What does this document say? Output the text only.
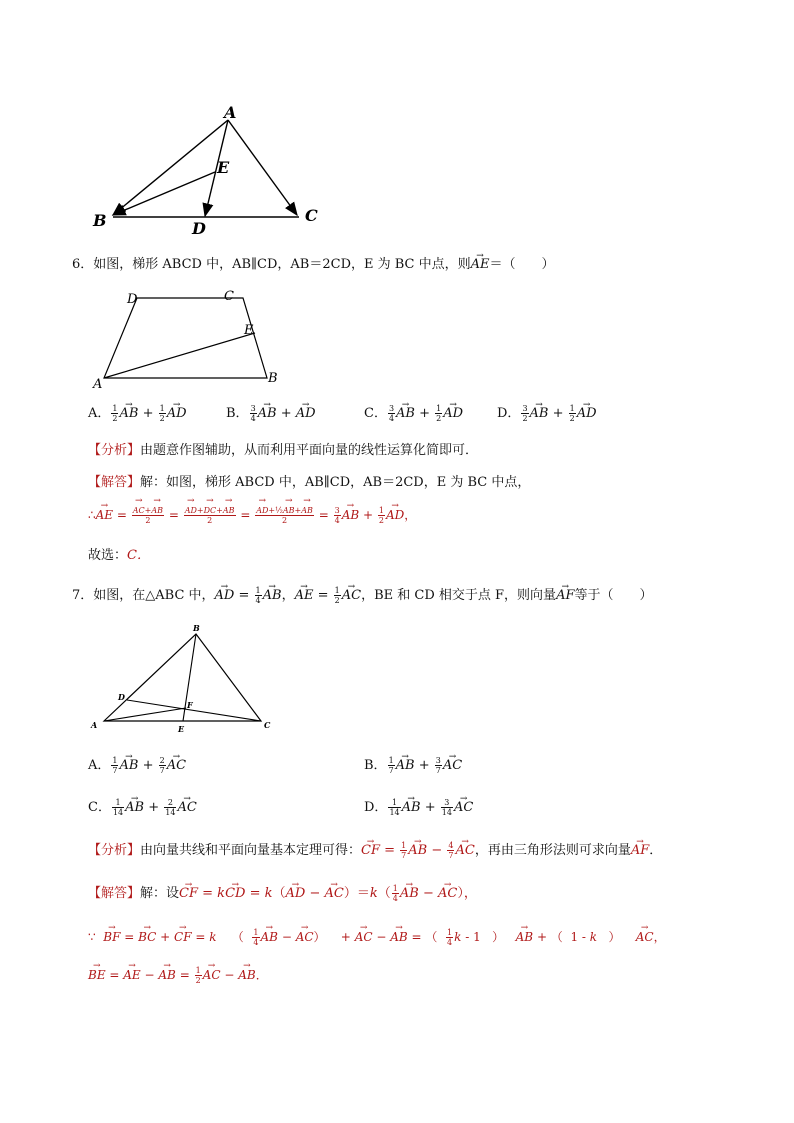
A
B	C
D
E
6．如图，梯形 ABCD 中，AB∥CD，AB＝2CD，E 为 BC 中点，则→ AE＝（　　）
A	B
C
D
E
A． $\frac{1}{2}$ → AB + $\frac{1}{2}$ → AD	B． $\frac{3}{4}$ → AB + → AD	C． $\frac{3}{4}$ → AB + $\frac{1}{2}$ → AD	D． $\frac{3}{2}$ → AB + $\frac{1}{2}$ → AD
【分析】由题意作图辅助，从而利用平面向量的线性运算化简即可．
【解答】解：如图，梯形 ABCD 中，AB∥CD，AB＝2CD，E 为 BC 中点，
∴→ AE = → $\frac{AC+\to AB}{2}$ = → $\frac{AD+\to DC+\to AB}{2}$ = → $\frac{\text{AD+½→ AB+→ AB}}{2} = \frac{3}{4}$ → AB + $\frac{1}{2}$ → AD，
故选：C．
7．如图，在△ABC 中，→ AD = $\frac{1}{4}$ → AB，→ AE = $\frac{1}{2}$ → AC，BE 和 CD 相交于点 F，则向量→ AF等于（　　）
A
B
C
D
E
F
A． $\frac{1}{7}$ → AB + $\frac{2}{7}$ → AC	B． $\frac{1}{7}$ → AB + $\frac{3}{7}$ → AC
C． $\frac{1}{14}$ → AB + $\frac{2}{14}$ → AC	D． $\frac{1}{14}$ → AB + $\frac{3}{14}$ → AC
【分析】由向量共线和平面向量基本定理可得：→ CF = $\frac{1}{7}$ → AB − $\frac{4}{7}$ → AC，再由三角形法则可求向量→ AF．
【解答】解：设→ CF = k→ CD = k（→ AD − → $AC)=k( \frac{1}{4}$ → AB − → AC），
∵ → BF = → BC + → CF = k    （ $\frac{1}{4}$ → AB − → AC）    + → AC − → AB = （ $\frac{1}{4}$ k - 1   ）   → AB + （  1 - k   ）    → AC，
→ BE = → AE − → AB = $\frac{1}{2}$ → AC − → AB．
